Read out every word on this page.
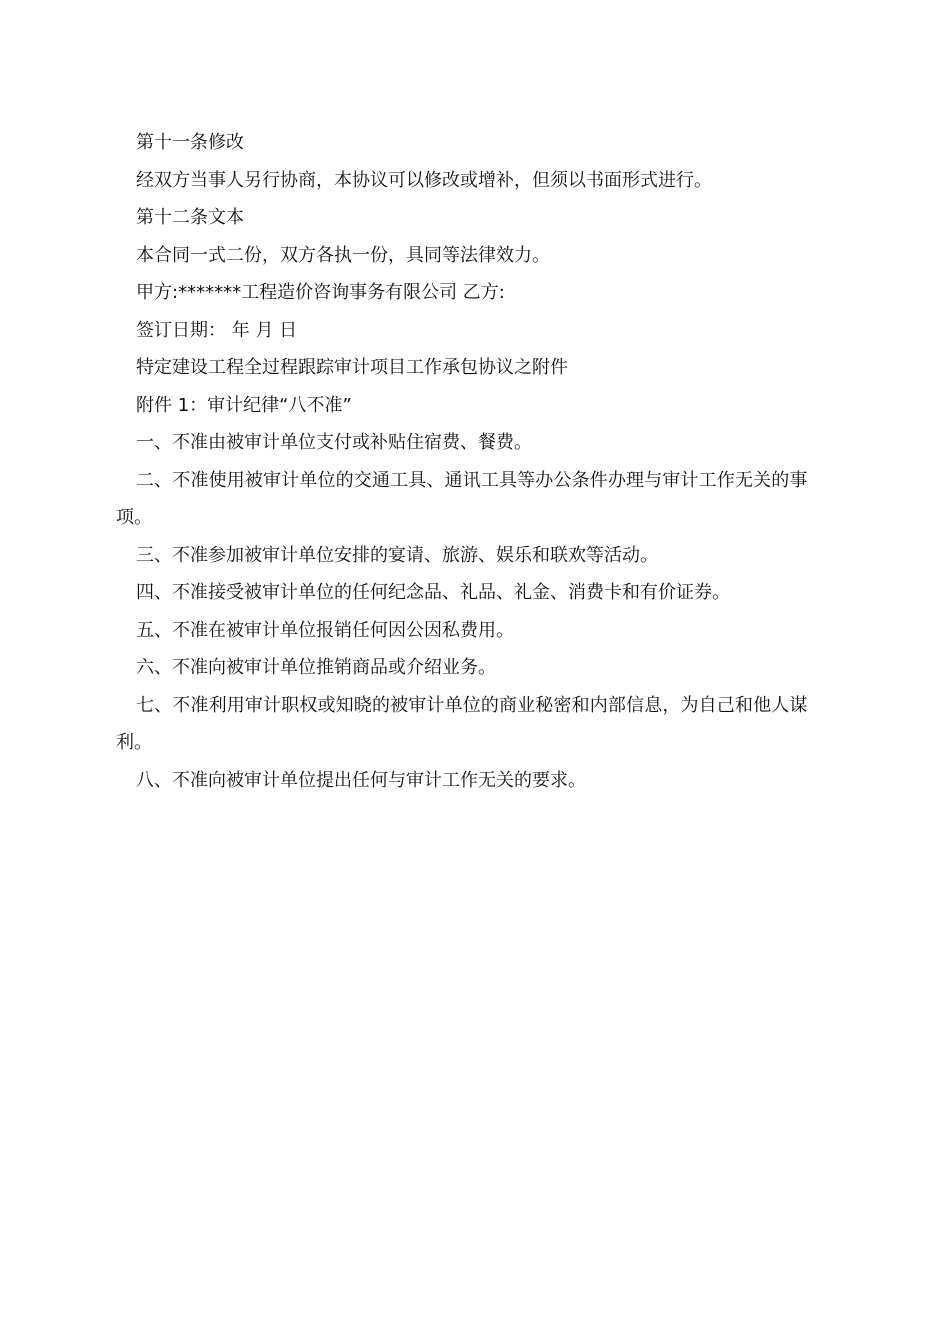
第十一条修改

经双方当事人另行协商，本协议可以修改或增补，但须以书面形式进行。

第十二条文本

本合同一式二份，双方各执一份，具同等法律效力。

甲方:*******工程造价咨询事务有限公司 乙方:

签订日期： 年 月 日

特定建设工程全过程跟踪审计项目工作承包协议之附件

附件 1：审计纪律“八不准”

一、不准由被审计单位支付或补贴住宿费、餐费。

二、不准使用被审计单位的交通工具、通讯工具等办公条件办理与审计工作无关的事项。

三、不准参加被审计单位安排的宴请、旅游、娱乐和联欢等活动。

四、不准接受被审计单位的任何纪念品、礼品、礼金、消费卡和有价证券。

五、不准在被审计单位报销任何因公因私费用。

六、不准向被审计单位推销商品或介绍业务。

七、不准利用审计职权或知晓的被审计单位的商业秘密和内部信息，为自己和他人谋利。

八、不准向被审计单位提出任何与审计工作无关的要求。
